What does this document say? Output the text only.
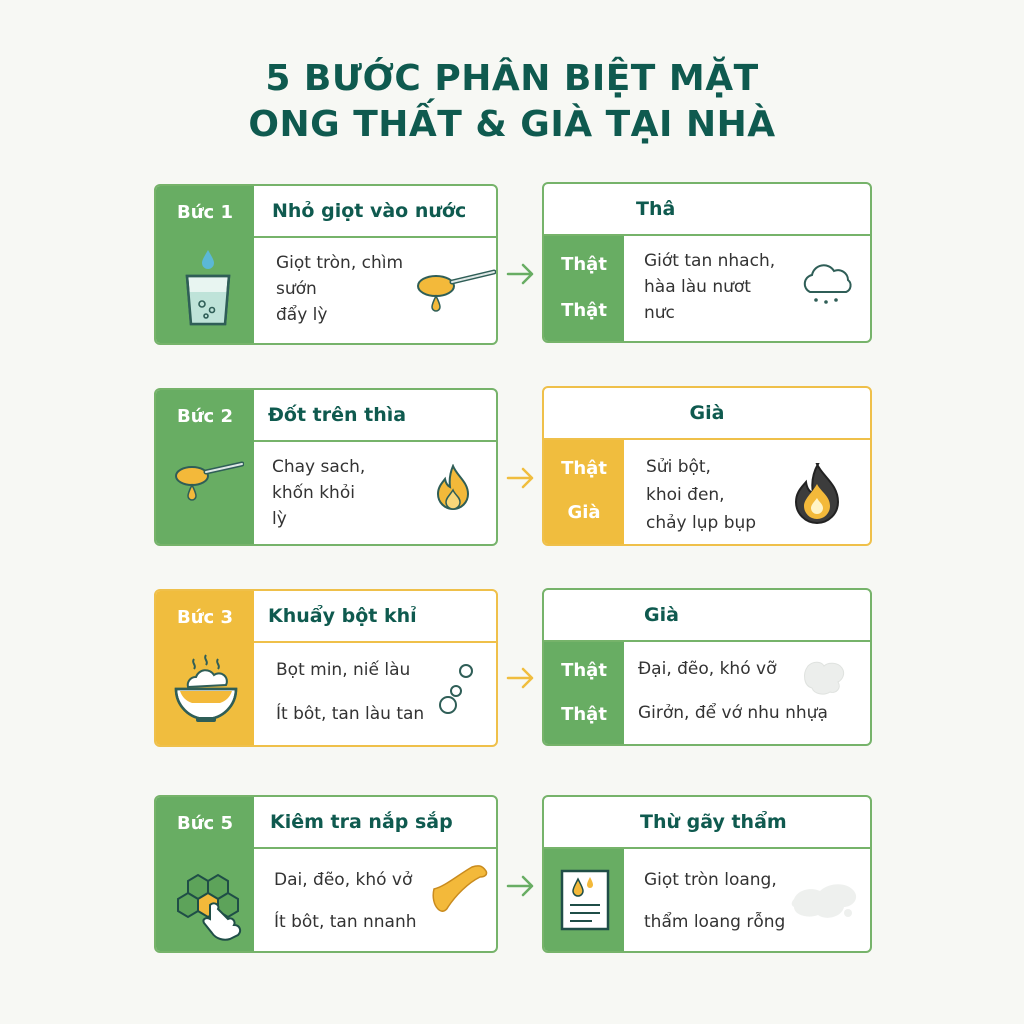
5 BƯỚC PHÂN BIỆT MẶT
ONG THẤT & GIÀ TẠI NHÀ
Bức 1	Nhỏ giọt vào nước
Giọt tròn, chìm
sướn
đẩy lỳ
Thâ
Thật
Thật
Giớt tan nhach,
hàa làu nươt
nưc
Bức 2	Đốt trên thìa
Chay sach,
khốn khỏi
lỳ
Già
Thật
Già
Sửi bột,
khoi đen,
chảy lụp bụp
Bức 3	Khuẩy bột khỉ
Bọt min, niế làu
Ít bôt, tan làu tan
Già
Thật
Thật
Đại, đẽo, khó vỡ
Girởn, để vớ nhu nhựạ
Bức 5	Kiêm tra nắp sắp
Dai, đẽo, khó vở
Ít bôt, tan nnanh
Thừ gãy thẩm
Giọt tròn loang,
thẩm loang rỗng
